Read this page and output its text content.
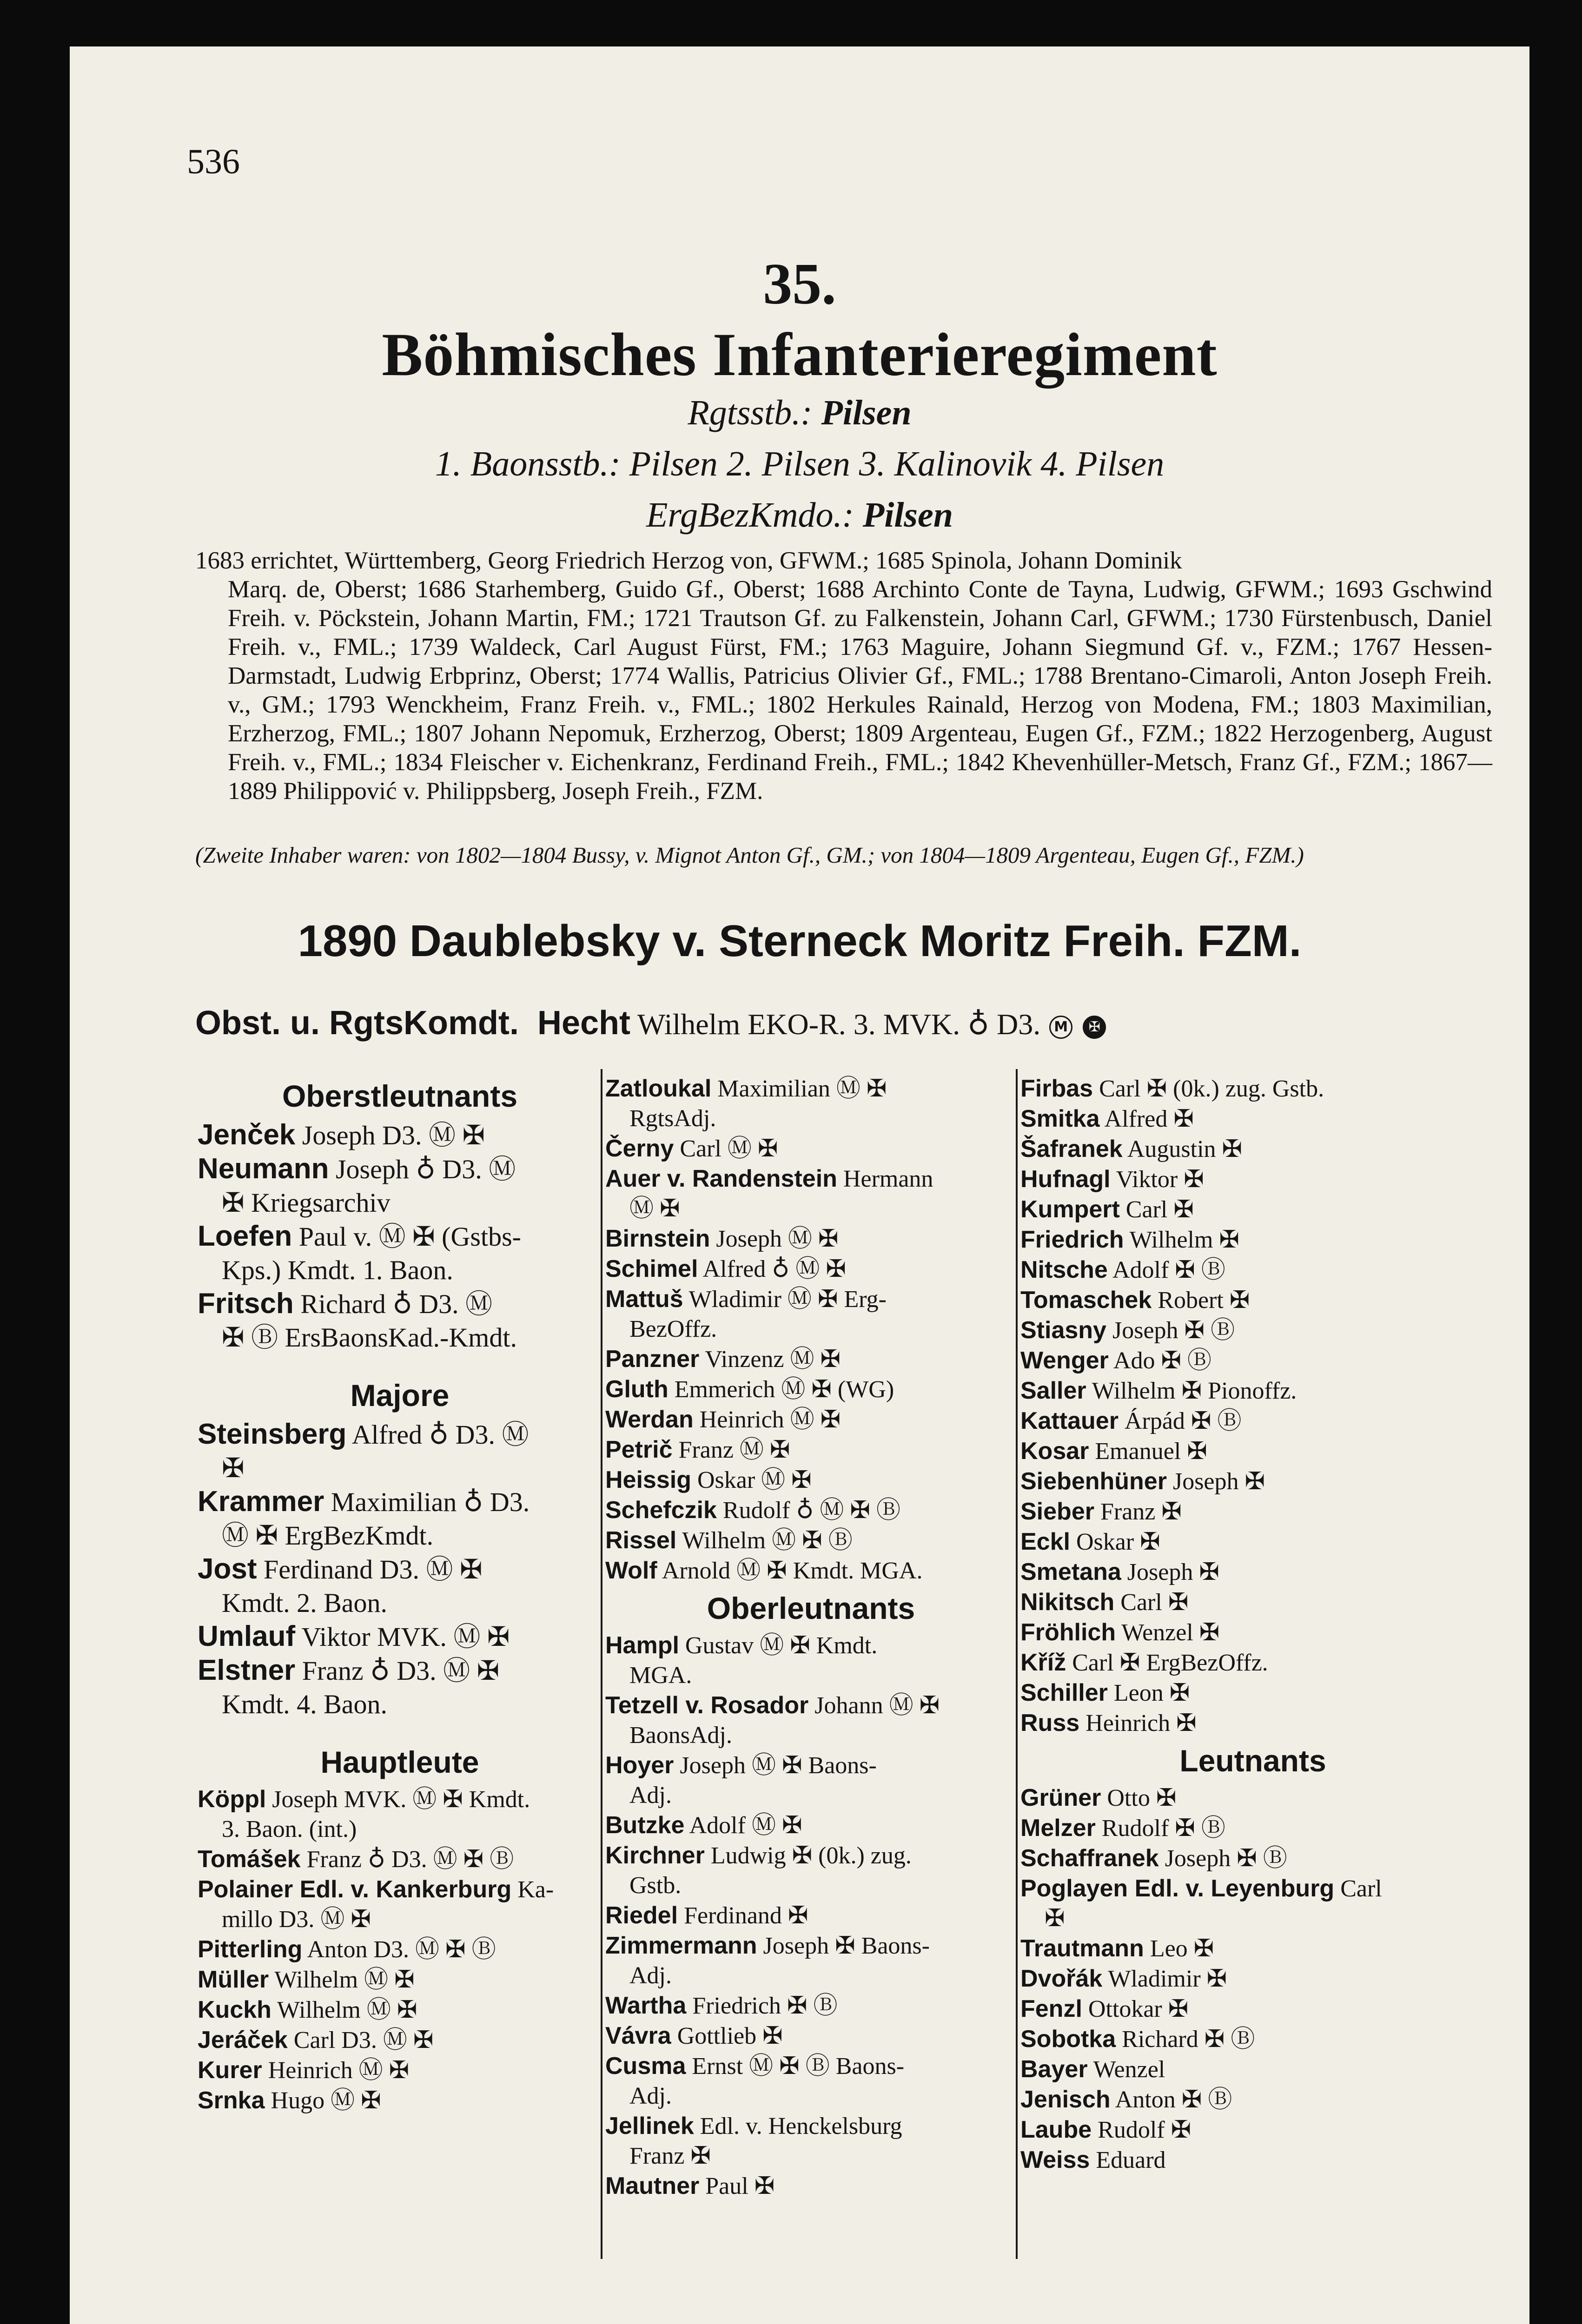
536
35.
Böhmisches Infanterieregiment
Rgtsstb.: Pilsen
1. Baonsstb.: Pilsen 2. Pilsen 3. Kalinovik 4. Pilsen
ErgBezKmdo.: Pilsen

1683 errichtet, Württemberg, Georg Friedrich Herzog von, GFWM.; 1685 Spinola, Johann Dominik

Marq. de, Oberst; 1686 Starhemberg, Guido Gf., Oberst; 1688 Archinto Conte de Tayna, Ludwig, GFWM.; 1693 Gschwind Freih. v. Pöckstein, Johann Martin, FM.; 1721 Trautson Gf. zu Falkenstein, Johann Carl, GFWM.; 1730 Fürstenbusch, Daniel Freih. v., FML.; 1739 Waldeck, Carl August Fürst, FM.; 1763 Maguire, Johann Siegmund Gf. v., FZM.; 1767 Hessen-Darmstadt, Ludwig Erbprinz, Oberst; 1774 Wallis, Patricius Olivier Gf., FML.; 1788 Brentano-Cimaroli, Anton Joseph Freih. v., GM.; 1793 Wenckheim, Franz Freih. v., FML.; 1802 Herkules Rainald, Herzog von Modena, FM.; 1803 Maximilian, Erzherzog, FML.; 1807 Johann Nepomuk, Erzherzog, Oberst; 1809 Argenteau, Eugen Gf., FZM.; 1822 Herzogenberg, August Freih. v., FML.; 1834 Fleischer v. Eichenkranz, Ferdinand Freih., FML.; 1842 Khevenhüller-Metsch, Franz Gf., FZM.; 1867—1889 Philippović v. Philippsberg, Joseph Freih., FZM.

(Zweite Inhaber waren: von 1802—1804 Bussy, v. Mignot Anton Gf., GM.; von 1804—1809 Argenteau, Eugen Gf., FZM.)
1890 Daublebsky v. Sterneck Moritz Freih. FZM.
Obst. u. RgtsKomdt. Hecht Wilhelm EKO-R. 3. MVK. ♁ D3. M ✠
Oberstleutnants
Jenček Joseph D3. Ⓜ ✠
Neumann Joseph ♁ D3. Ⓜ
✠ Kriegsarchiv
Loefen Paul v. Ⓜ ✠ (Gstbs-
Kps.) Kmdt. 1. Baon.
Fritsch Richard ♁ D3. Ⓜ
✠ Ⓑ ErsBaonsKad.-Kmdt.
Majore
Steinsberg Alfred ♁ D3. Ⓜ
✠
Krammer Maximilian ♁ D3.
Ⓜ ✠ ErgBezKmdt.
Jost Ferdinand D3. Ⓜ ✠
Kmdt. 2. Baon.
Umlauf Viktor MVK. Ⓜ ✠
Elstner Franz ♁ D3. Ⓜ ✠
Kmdt. 4. Baon.
Hauptleute
Köppl Joseph MVK. Ⓜ ✠ Kmdt.
3. Baon. (int.)
Tomášek Franz ♁ D3. Ⓜ ✠ Ⓑ
Polainer Edl. v. Kankerburg Ka-
millo D3. Ⓜ ✠
Pitterling Anton D3. Ⓜ ✠ Ⓑ
Müller Wilhelm Ⓜ ✠
Kuckh Wilhelm Ⓜ ✠
Jeráček Carl D3. Ⓜ ✠
Kurer Heinrich Ⓜ ✠
Srnka Hugo Ⓜ ✠
Zatloukal Maximilian Ⓜ ✠
RgtsAdj.
Černy Carl Ⓜ ✠
Auer v. Randenstein Hermann
Ⓜ ✠
Birnstein Joseph Ⓜ ✠
Schimel Alfred ♁ Ⓜ ✠
Mattuš Wladimir Ⓜ ✠ Erg-
BezOffz.
Panzner Vinzenz Ⓜ ✠
Gluth Emmerich Ⓜ ✠ (WG)
Werdan Heinrich Ⓜ ✠
Petrič Franz Ⓜ ✠
Heissig Oskar Ⓜ ✠
Schefczik Rudolf ♁ Ⓜ ✠ Ⓑ
Rissel Wilhelm Ⓜ ✠ Ⓑ
Wolf Arnold Ⓜ ✠ Kmdt. MGA.
Oberleutnants
Hampl Gustav Ⓜ ✠ Kmdt.
MGA.
Tetzell v. Rosador Johann Ⓜ ✠
BaonsAdj.
Hoyer Joseph Ⓜ ✠ Baons-
Adj.
Butzke Adolf Ⓜ ✠
Kirchner Ludwig ✠ (0k.) zug.
Gstb.
Riedel Ferdinand ✠
Zimmermann Joseph ✠ Baons-
Adj.
Wartha Friedrich ✠ Ⓑ
Vávra Gottlieb ✠
Cusma Ernst Ⓜ ✠ Ⓑ Baons-
Adj.
Jellinek Edl. v. Henckelsburg
Franz ✠
Mautner Paul ✠
Firbas Carl ✠ (0k.) zug. Gstb.
Smitka Alfred ✠
Šafranek Augustin ✠
Hufnagl Viktor ✠
Kumpert Carl ✠
Friedrich Wilhelm ✠
Nitsche Adolf ✠ Ⓑ
Tomaschek Robert ✠
Stiasny Joseph ✠ Ⓑ
Wenger Ado ✠ Ⓑ
Saller Wilhelm ✠ Pionoffz.
Kattauer Árpád ✠ Ⓑ
Kosar Emanuel ✠
Siebenhüner Joseph ✠
Sieber Franz ✠
Eckl Oskar ✠
Smetana Joseph ✠
Nikitsch Carl ✠
Fröhlich Wenzel ✠
Kříž Carl ✠ ErgBezOffz.
Schiller Leon ✠
Russ Heinrich ✠
Leutnants
Grüner Otto ✠
Melzer Rudolf ✠ Ⓑ
Schaffranek Joseph ✠ Ⓑ
Poglayen Edl. v. Leyenburg Carl
✠
Trautmann Leo ✠
Dvořák Wladimir ✠
Fenzl Ottokar ✠
Sobotka Richard ✠ Ⓑ
Bayer Wenzel
Jenisch Anton ✠ Ⓑ
Laube Rudolf ✠
Weiss Eduard
